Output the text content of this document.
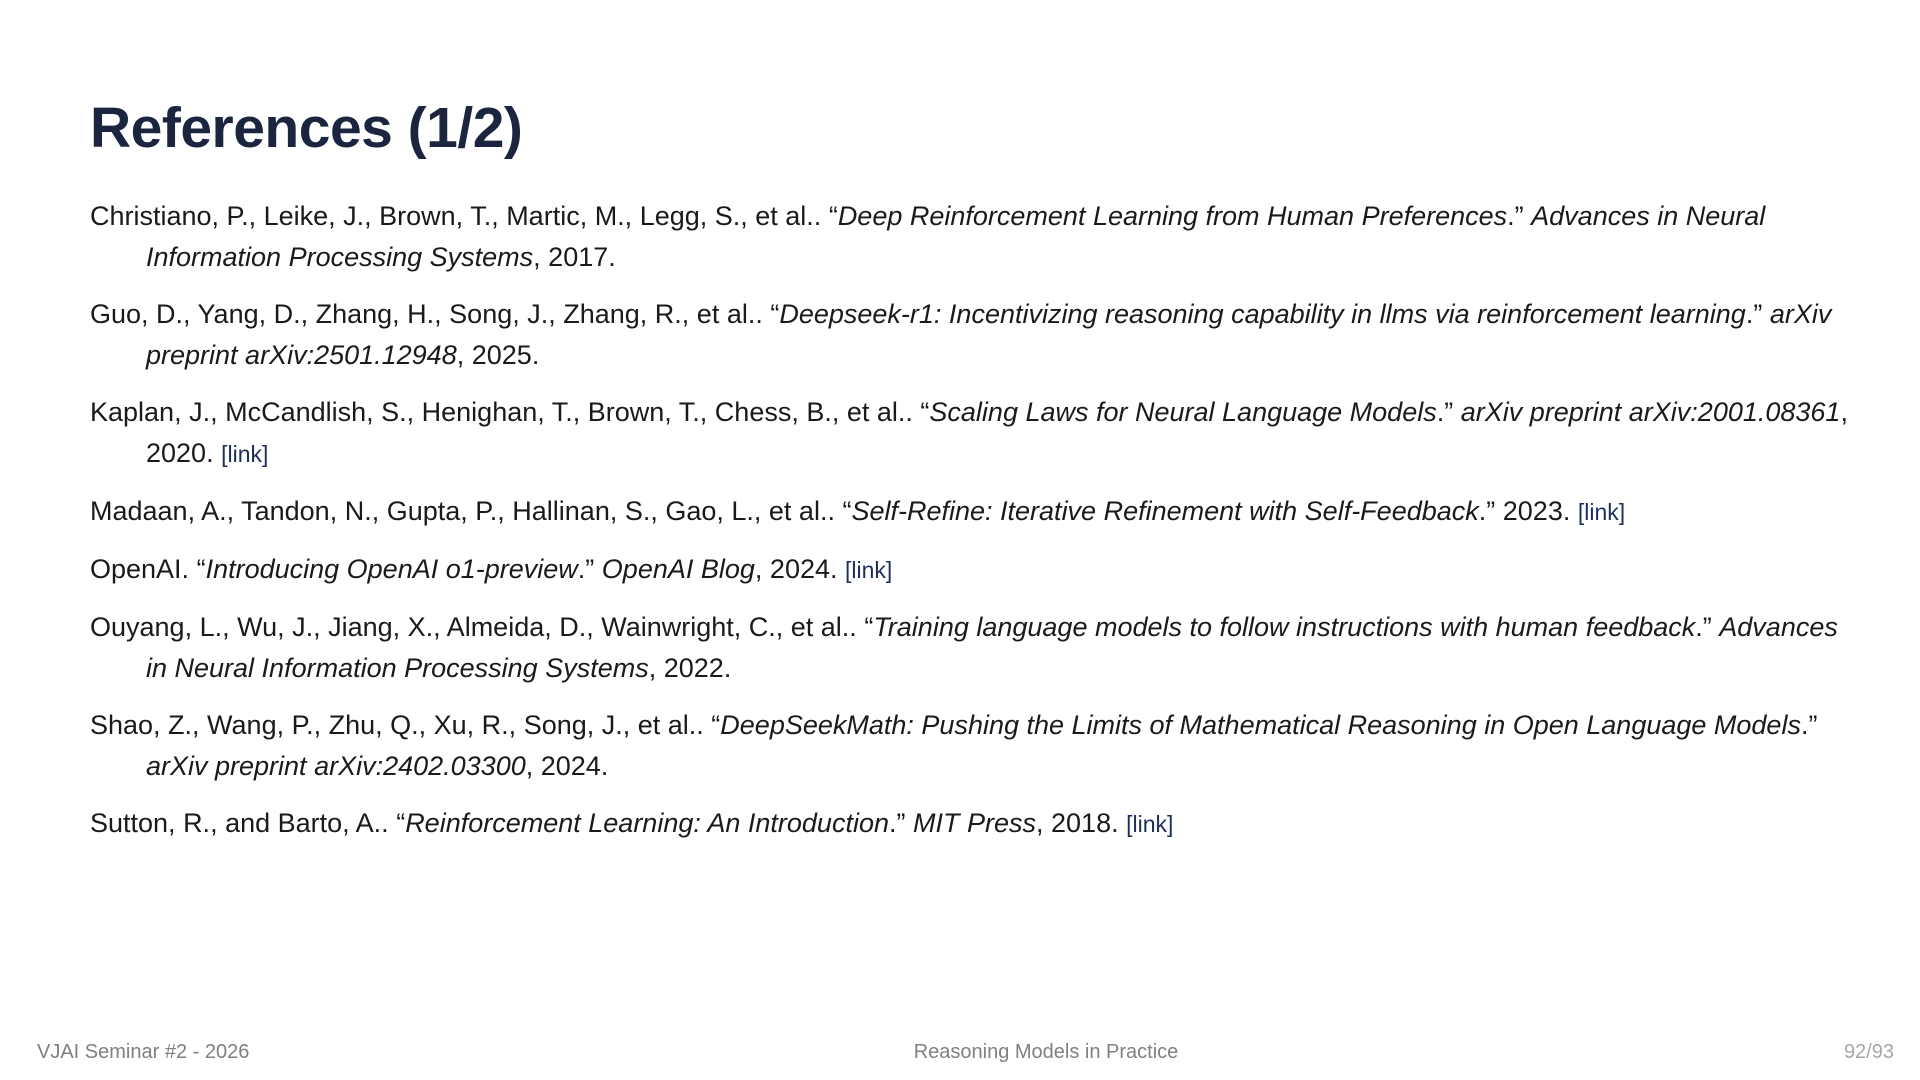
References (1/2)
Christiano, P., Leike, J., Brown, T., Martic, M., Legg, S., et al.. “Deep Reinforcement Learning from Human Preferences.” Advances in Neural Information Processing Systems, 2017.
Guo, D., Yang, D., Zhang, H., Song, J., Zhang, R., et al.. “Deepseek-r1: Incentivizing reasoning capability in llms via reinforcement learning.” arXiv preprint arXiv:2501.12948, 2025.
Kaplan, J., McCandlish, S., Henighan, T., Brown, T., Chess, B., et al.. “Scaling Laws for Neural Language Models.” arXiv preprint arXiv:2001.08361, 2020. [link]
Madaan, A., Tandon, N., Gupta, P., Hallinan, S., Gao, L., et al.. “Self-Refine: Iterative Refinement with Self-Feedback.” 2023. [link]
OpenAI. “Introducing OpenAI o1-preview.” OpenAI Blog, 2024. [link]
Ouyang, L., Wu, J., Jiang, X., Almeida, D., Wainwright, C., et al.. “Training language models to follow instructions with human feedback.” Advances in Neural Information Processing Systems, 2022.
Shao, Z., Wang, P., Zhu, Q., Xu, R., Song, J., et al.. “DeepSeekMath: Pushing the Limits of Mathematical Reasoning in Open Language Models.” arXiv preprint arXiv:2402.03300, 2024.
Sutton, R., and Barto, A.. “Reinforcement Learning: An Introduction.” MIT Press, 2018. [link]
VJAI Seminar #2 - 2026	Reasoning Models in Practice	92/93
